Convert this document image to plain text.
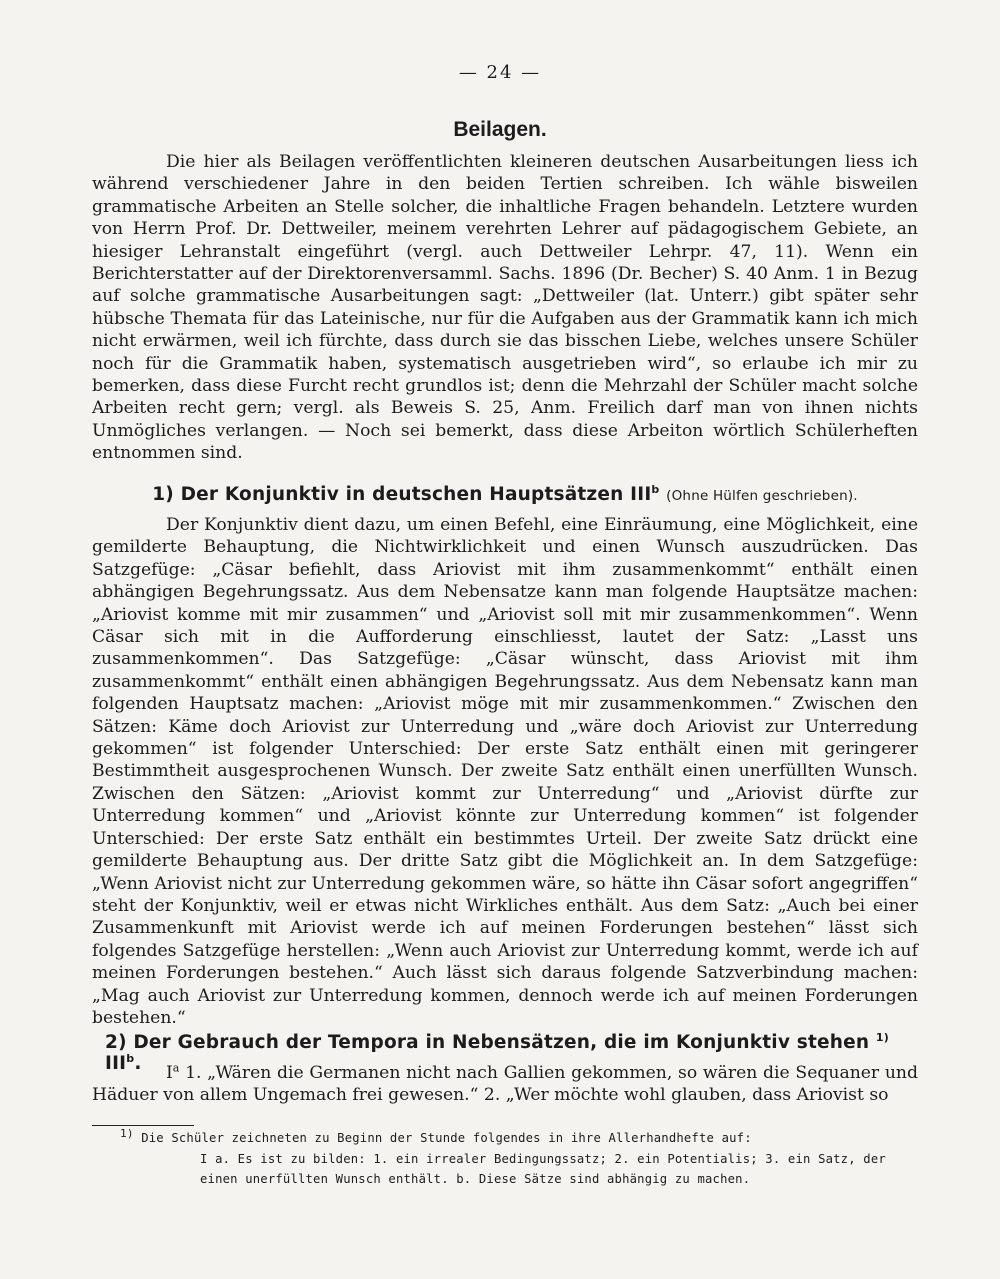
— 24 —
Beilagen.
Die hier als Beilagen veröffentlichten kleineren deutschen Ausarbeitungen liess ich während verschiedener Jahre in den beiden Tertien schreiben. Ich wähle bisweilen grammatische Arbeiten an Stelle solcher, die inhaltliche Fragen behandeln. Letztere wurden von Herrn Prof. Dr. Dettweiler, meinem verehrten Lehrer auf pädagogischem Gebiete, an hiesiger Lehranstalt eingeführt (vergl. auch Dettweiler Lehrpr. 47, 11). Wenn ein Berichterstatter auf der Direktorenversamml. Sachs. 1896 (Dr. Becher) S. 40 Anm. 1 in Bezug auf solche grammatische Ausarbeitungen sagt: „Dettweiler (lat. Unterr.) gibt später sehr hübsche Themata für das Lateinische, nur für die Aufgaben aus der Grammatik kann ich mich nicht erwärmen, weil ich fürchte, dass durch sie das bisschen Liebe, welches unsere Schüler noch für die Grammatik haben, systematisch ausgetrieben wird“, so erlaube ich mir zu bemerken, dass diese Furcht recht grundlos ist; denn die Mehrzahl der Schüler macht solche Arbeiten recht gern; vergl. als Beweis S. 25, Anm. Freilich darf man von ihnen nichts Unmögliches verlangen. — Noch sei bemerkt, dass diese Arbeiton wörtlich Schülerheften entnommen sind.
1) Der Konjunktiv in deutschen Hauptsätzen III$^b$ (Ohne Hülfen geschrieben).
Der Konjunktiv dient dazu, um einen Befehl, eine Einräumung, eine Möglichkeit, eine gemilderte Behauptung, die Nichtwirklichkeit und einen Wunsch auszudrücken. Das Satzgefüge: „Cäsar befiehlt, dass Ariovist mit ihm zusammenkommt“ enthält einen abhängigen Begehrungssatz. Aus dem Nebensatze kann man folgende Hauptsätze machen: „Ariovist komme mit mir zusammen“ und „Ariovist soll mit mir zusammenkommen“. Wenn Cäsar sich mit in die Aufforderung einschliesst, lautet der Satz: „Lasst uns zusammenkommen“. Das Satzgefüge: „Cäsar wünscht, dass Ariovist mit ihm zusammenkommt“ enthält einen abhängigen Begehrungssatz. Aus dem Nebensatz kann man folgenden Hauptsatz machen: „Ariovist möge mit mir zusammenkommen.“ Zwischen den Sätzen: Käme doch Ariovist zur Unterredung und „wäre doch Ariovist zur Unterredung gekommen“ ist folgender Unterschied: Der erste Satz enthält einen mit geringerer Bestimmtheit ausgesprochenen Wunsch. Der zweite Satz enthält einen unerfüllten Wunsch. Zwischen den Sätzen: „Ariovist kommt zur Unterredung“ und „Ariovist dürfte zur Unterredung kommen“ und „Ariovist könnte zur Unterredung kommen“ ist folgender Unterschied: Der erste Satz enthält ein bestimmtes Urteil. Der zweite Satz drückt eine gemilderte Behauptung aus. Der dritte Satz gibt die Möglichkeit an. In dem Satzgefüge: „Wenn Ariovist nicht zur Unterredung gekommen wäre, so hätte ihn Cäsar sofort angegriffen“ steht der Konjunktiv, weil er etwas nicht Wirkliches enthält. Aus dem Satz: „Auch bei einer Zusammenkunft mit Ariovist werde ich auf meinen Forderungen bestehen“ lässt sich folgendes Satzgefüge herstellen: „Wenn auch Ariovist zur Unterredung kommt, werde ich auf meinen Forderungen bestehen.“ Auch lässt sich daraus folgende Satzverbindung machen: „Mag auch Ariovist zur Unterredung kommen, dennoch werde ich auf meinen Forderungen bestehen.“
2) Der Gebrauch der Tempora in Nebensätzen, die im Konjunktiv stehen $^{1)}$ III$^b$.	$I^a$ 1. „Wären die Germanen nicht nach Gallien gekommen, so wären die Sequaner und Häduer von allem Ungemach frei gewesen.“ 2. „Wer möchte wohl glauben, dass Ariovist so
$^{1)}$ Die Schüler zeichneten zu Beginn der Stunde folgendes in ihre Allerhandhefte auf:
I a. Es ist zu bilden: 1. ein irrealer Bedingungssatz; 2. ein Potentialis; 3. ein Satz, der einen unerfüllten Wunsch enthält. b. Diese Sätze sind abhängig zu machen.
